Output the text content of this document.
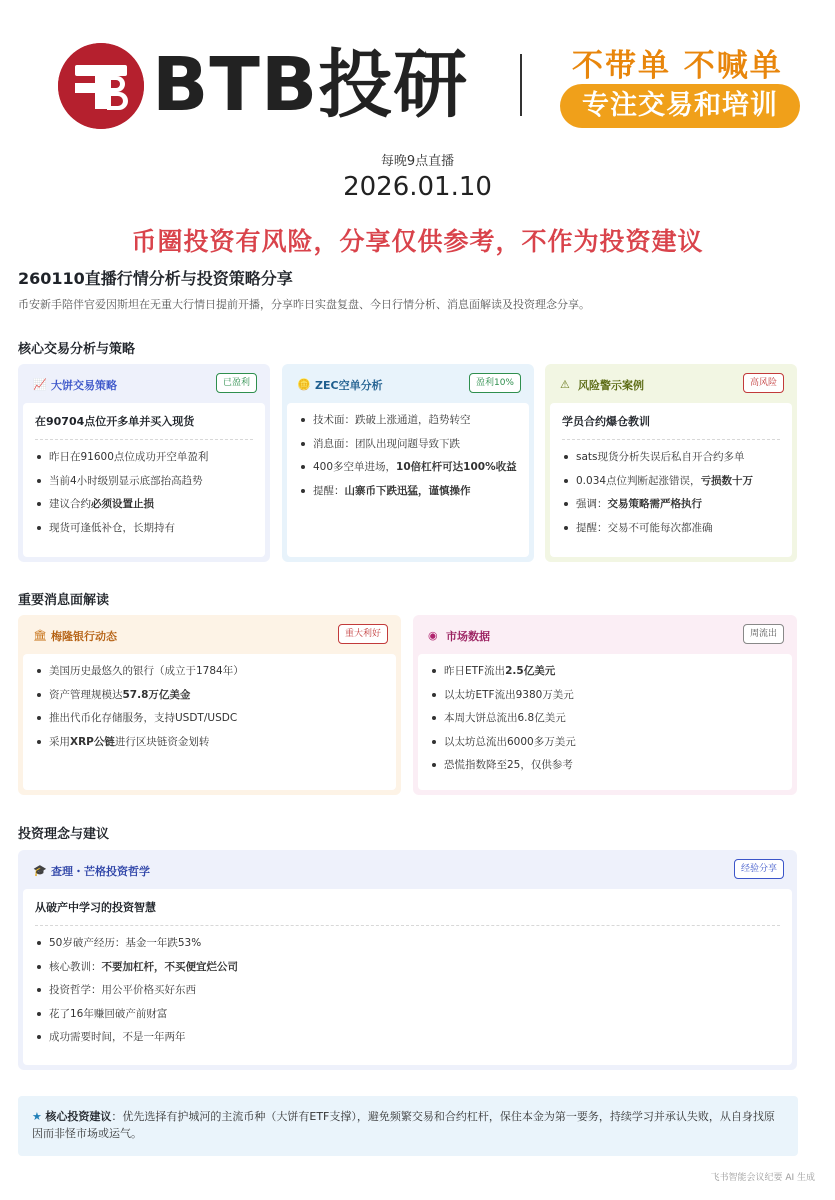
BTB投研	不带单 不喊单
专注交易和培训
每晚9点直播
2026.01.10
币圈投资有风险，分享仅供参考，不作为投资建议
260110直播行情分析与投资策略分享
币安新手陪伴官爱因斯坦在无重大行情日提前开播，分享昨日实盘复盘、今日行情分析、消息面解读及投资理念分享。
核心交易分析与策略
📈 大饼交易策略	已盈利
在90704点位开多单并买入现货
昨日在91600点位成功开空单盈利
当前4小时级别显示底部抬高趋势
建议合约必须设置止损
现货可逢低补仓，长期持有
🪙 ZEC空单分析	盈利10%
技术面：跌破上涨通道，趋势转空
消息面：团队出现问题导致下跌
400多空单进场，10倍杠杆可达100%收益
提醒：山寨币下跌迅猛，谨慎操作
⚠ 风险警示案例	高风险
学员合约爆仓教训
sats现货分析失误后私自开合约多单
0.034点位判断起涨错误，亏损数十万
强调：交易策略需严格执行
提醒：交易不可能每次都准确
重要消息面解读
🏛 梅隆银行动态	重大利好
美国历史最悠久的银行（成立于1784年）
资产管理规模达57.8万亿美金
推出代币化存储服务，支持USDT/USDC
采用XRP公链进行区块链资金划转
◉ 市场数据	周流出
昨日ETF流出2.5亿美元
以太坊ETF流出9380万美元
本周大饼总流出6.8亿美元
以太坊总流出6000多万美元
恐慌指数降至25，仅供参考
投资理念与建议
🎓 查理・芒格投资哲学	经验分享
从破产中学习的投资智慧
50岁破产经历：基金一年跌53%
核心教训：不要加杠杆，不买便宜烂公司
投资哲学：用公平价格买好东西
花了16年赚回破产前财富
成功需要时间，不是一年两年
★ 核心投资建议：优先选择有护城河的主流币种（大饼有ETF支撑），避免频繁交易和合约杠杆，保住本金为第一要务，持续学习并承认失败，从自身找原因而非怪市场或运气。
飞书智能会议纪要 AI 生成
